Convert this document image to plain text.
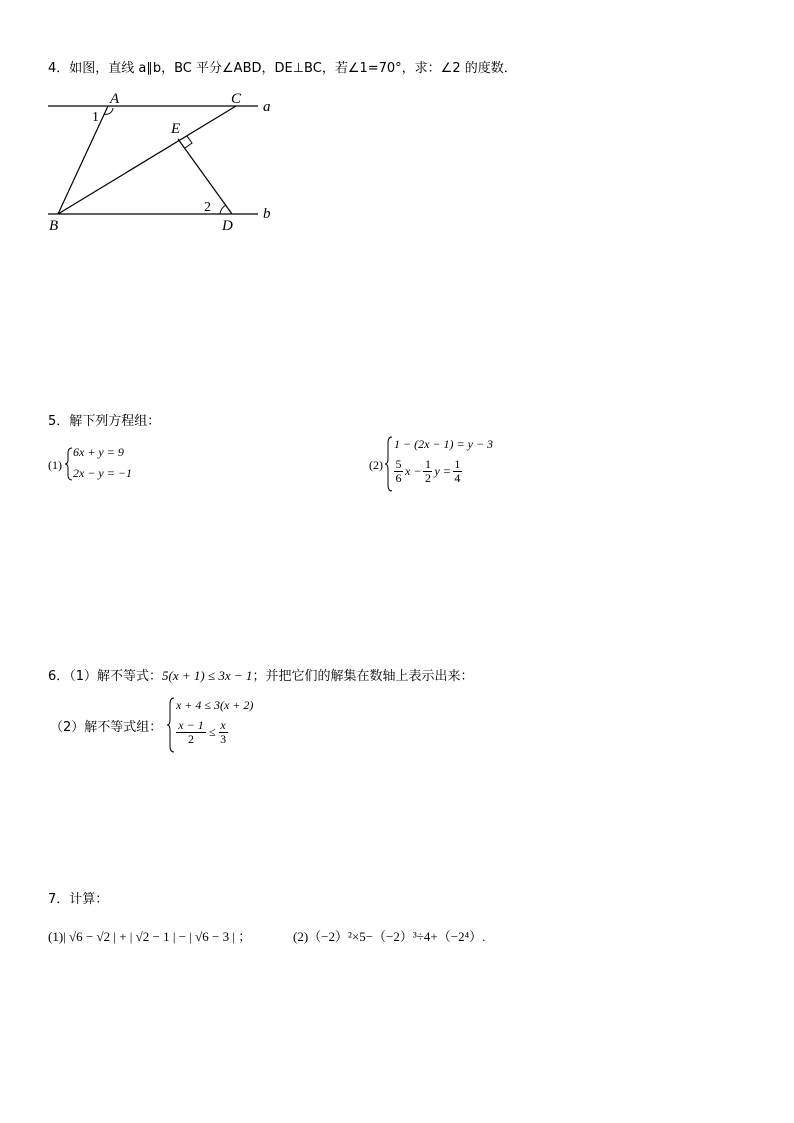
4．如图，直线 a∥b，BC 平分∠ABD，DE⊥BC，若∠1=70°，求：∠2 的度数．
A	C a
1
E
2	b
B	D
5．解下列方程组：
(1)
6x + y = 9
2x − y = −1
(2)
1 − (2x − 1) = y − 3
5
6 x − 1
2 y = 1
4
6．（1）解不等式：5(x + 1) ≤ 3x − 1；并把它们的解集在数轴上表示出来：
（2）解不等式组：
x + 4 ≤ 3(x + 2)
x − 1
2 ≤ x
3
7．计算：
(1)| √6 − √2 | + | √2 − 1 | − | √6 − 3 | ；	(2)（−2）²×5−（−2）³÷4+（−2⁴）.
